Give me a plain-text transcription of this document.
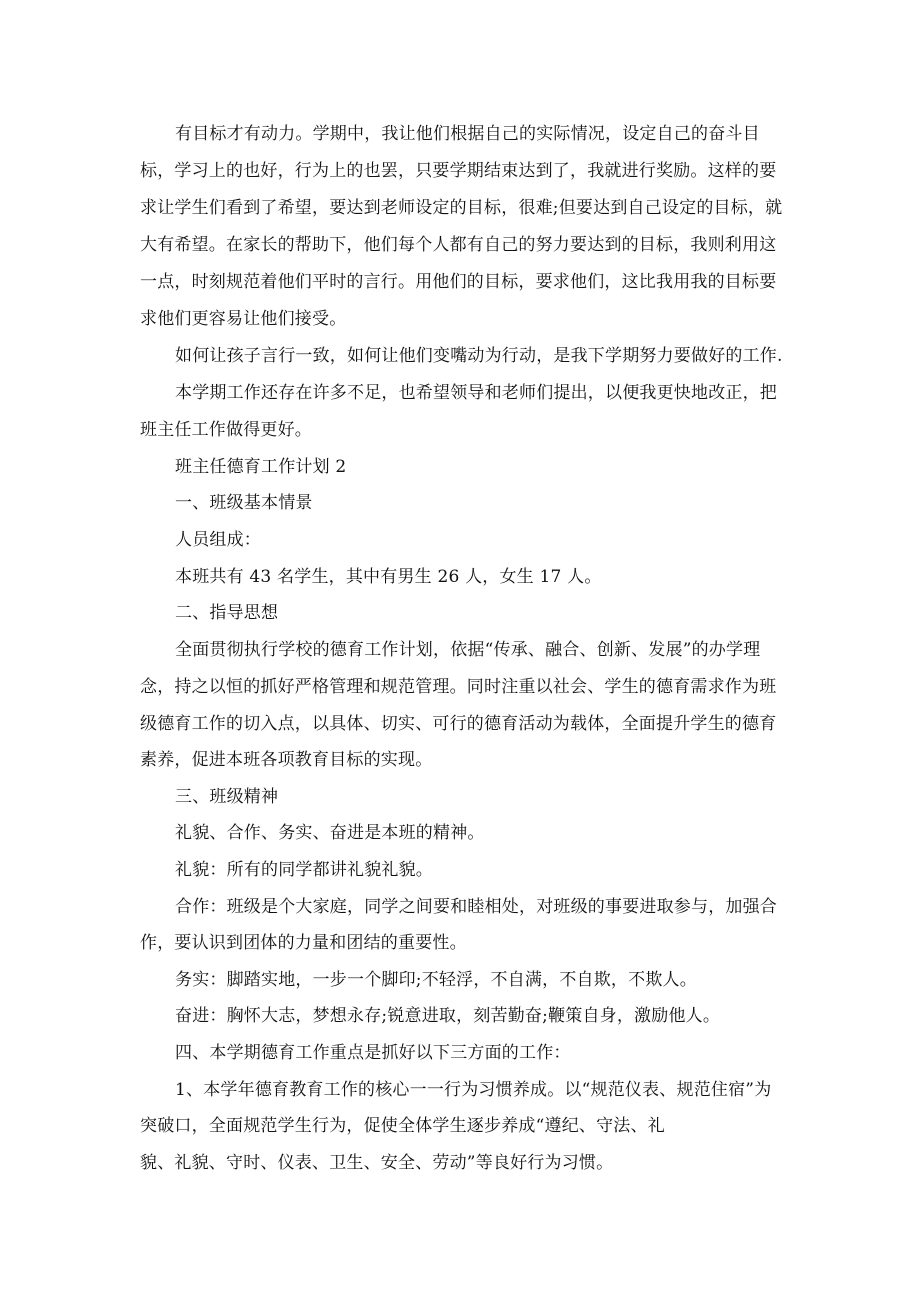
有目标才有动力。学期中，我让他们根据自己的实际情况，设定自己的奋斗目
标，学习上的也好，行为上的也罢，只要学期结束达到了，我就进行奖励。这样的要
求让学生们看到了希望，要达到老师设定的目标，很难;但要达到自己设定的目标，就
大有希望。在家长的帮助下，他们每个人都有自己的努力要达到的目标，我则利用这
一点，时刻规范着他们平时的言行。用他们的目标，要求他们，这比我用我的目标要
求他们更容易让他们接受。
如何让孩子言行一致，如何让他们变嘴动为行动，是我下学期努力要做好的工作.
本学期工作还存在许多不足，也希望领导和老师们提出，以便我更快地改正，把
班主任工作做得更好。
班主任德育工作计划 2
一、班级基本情景
人员组成：
本班共有 43 名学生，其中有男生 26 人，女生 17 人。
二、指导思想
全面贯彻执行学校的德育工作计划，依据“传承、融合、创新、发展”的办学理
念，持之以恒的抓好严格管理和规范管理。同时注重以社会、学生的德育需求作为班
级德育工作的切入点，以具体、切实、可行的德育活动为载体，全面提升学生的德育
素养，促进本班各项教育目标的实现。
三、班级精神
礼貌、合作、务实、奋进是本班的精神。
礼貌：所有的同学都讲礼貌礼貌。
合作：班级是个大家庭，同学之间要和睦相处，对班级的事要进取参与，加强合
作，要认识到团体的力量和团结的重要性。
务实：脚踏实地，一步一个脚印;不轻浮，不自满，不自欺，不欺人。
奋进：胸怀大志，梦想永存;锐意进取，刻苦勤奋;鞭策自身，激励他人。
四、本学期德育工作重点是抓好以下三方面的工作：
1、本学年德育教育工作的核心一一行为习惯养成。以“规范仪表、规范住宿”为
突破口，全面规范学生行为，促使全体学生逐步养成“遵纪、守法、礼
貌、礼貌、守时、仪表、卫生、安全、劳动”等良好行为习惯。
